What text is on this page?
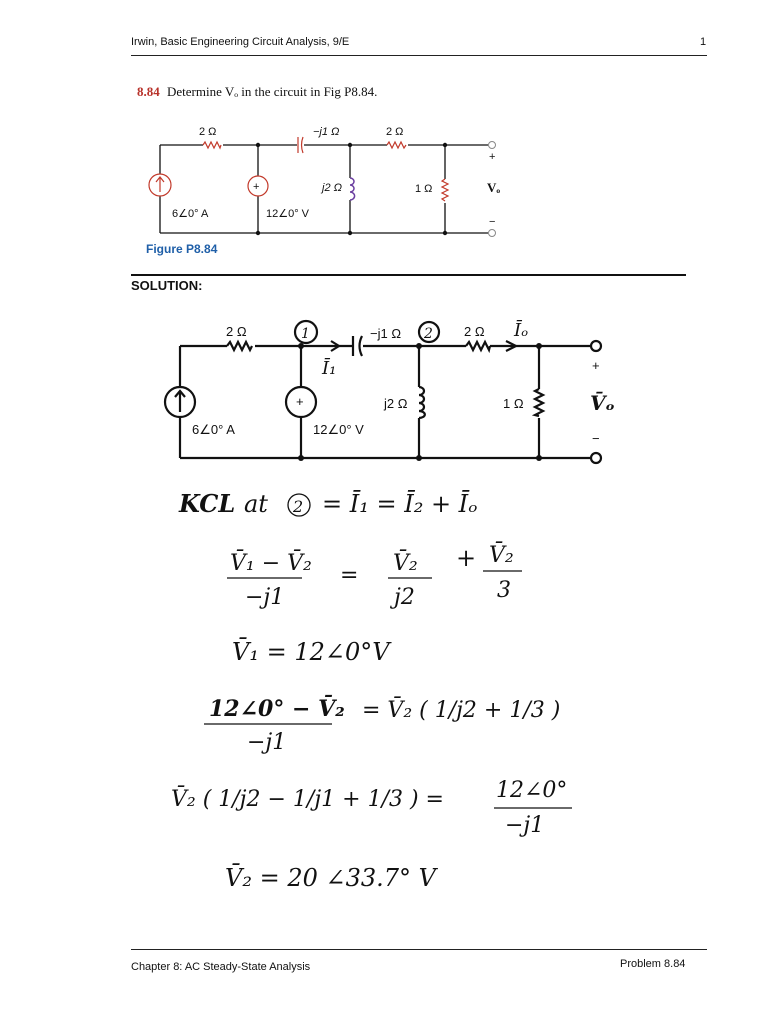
Irwin, Basic Engineering Circuit Analysis, 9/E	1
8.84 Determine Vₒ in the circuit in Fig P8.84.
2 Ω	−j1 Ω	2 Ω
j2 Ω	1 Ω
6∠0° A	12∠0° V
+
+
−
Vₒ
Figure P8.84
SOLUTION:
2 Ω	1	−j1 Ω 2 2 Ω Īₒ
Ī₁
j2 Ω	1 Ω
6∠0° A	12∠0° V
+
+
−
V̄ₒ
KCL at 2 = Ī₁ = Ī₂ + Īₒ
V̄₁ − V̄₂
−j1
= V̄₂
j2
+ V̄₂
3
V̄₁ = 12∠0°V
12∠0° − V̄₂
−j1
= V̄₂ ( 1/j2 + 1/3 )
V̄₂ ( 1/j2 − 1/j1 + 1/3 ) = 12∠0°
−j1
V̄₂ = 20 ∠33.7° V
Chapter 8: AC Steady-State Analysis	Problem 8.84
